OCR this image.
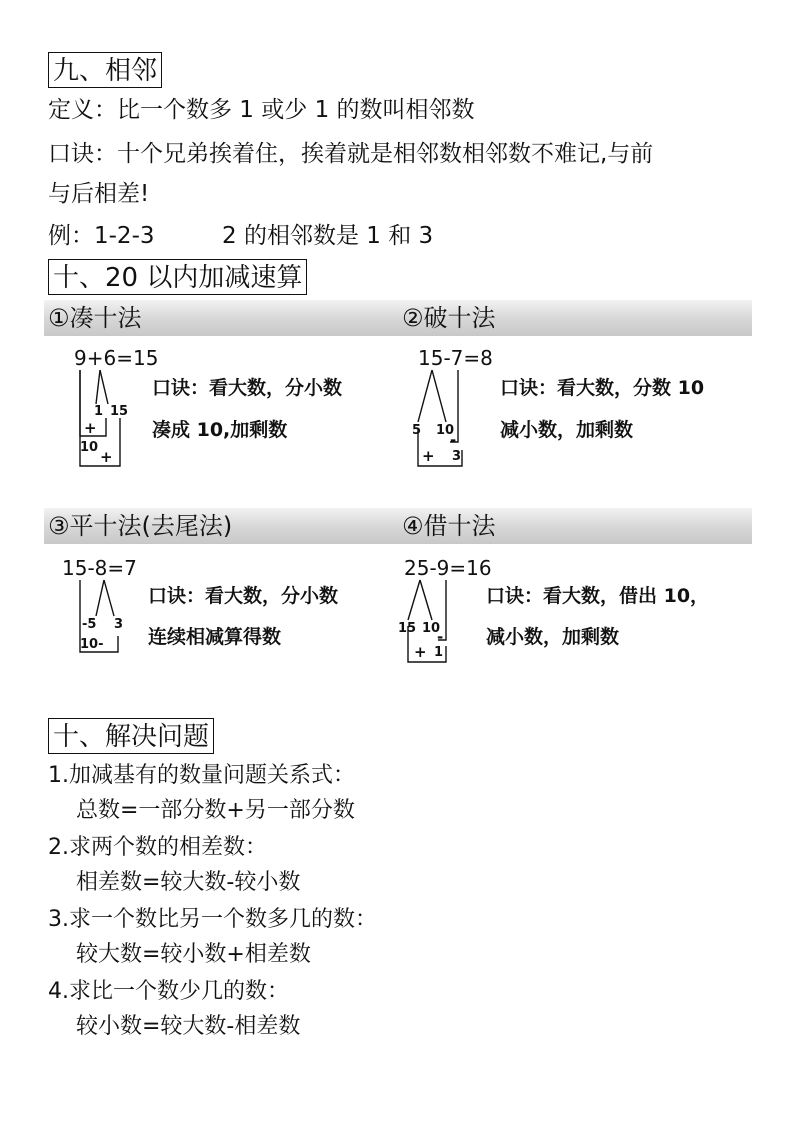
九、相邻
定义：比一个数多 1 或少 1 的数叫相邻数
口诀：十个兄弟挨着住，挨着就是相邻数相邻数不难记,与前
与后相差!
例：1-2-3	2 的相邻数是 1 和 3
十、20 以内加减速算
①凑十法	②破十法
9+6=15
1 15
+
10
+
口诀：看大数，分小数
凑成 10,加剩数
15-7=8
5 10
-
+ 3
口诀：看大数，分数 10
减小数，加剩数
③平十法(去尾法)	④借十法
15-8=7
-5 3
10-
口诀：看大数，分小数
连续相减算得数
25-9=16
15 10
-
+ 1
口诀：看大数，借出 10，
减小数，加剩数
十、解决问题
1.加减基有的数量问题关系式：
总数=一部分数+另一部分数
2.求两个数的相差数：
相差数=较大数-较小数
3.求一个数比另一个数多几的数：
较大数=较小数+相差数
4.求比一个数少几的数：
较小数=较大数-相差数
